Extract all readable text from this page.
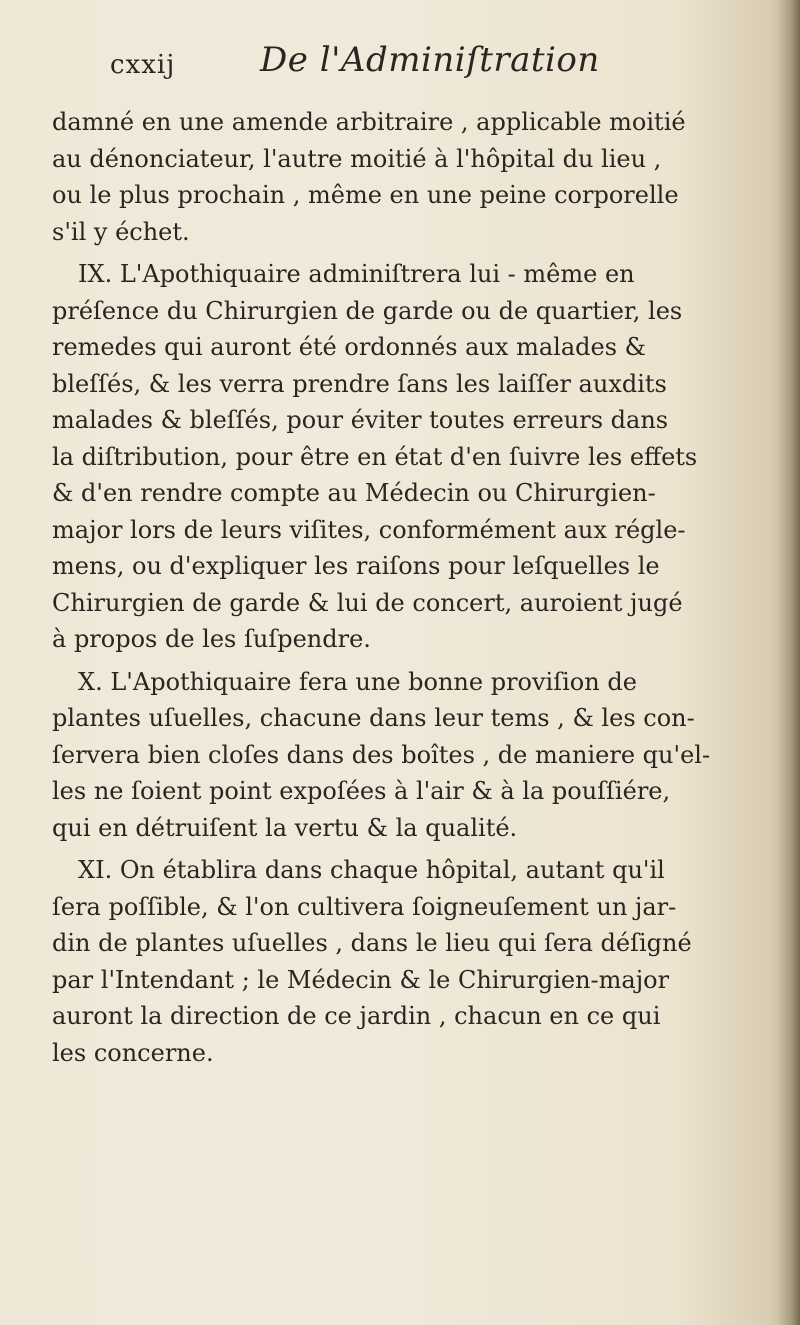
cxxij De l'Adminiſtration

damné en une amende arbitraire , applicable moitié
au dénonciateur, l'autre moitié à l'hôpital du lieu ,
ou le plus prochain , même en une peine corporelle
s'il y échet.

IX. L'Apothiquaire adminiſtrera lui - même en
préſence du Chirurgien de garde ou de quartier, les
remedes qui auront été ordonnés aux malades &
bleſſés, & les verra prendre ſans les laiſſer auxdits
malades & bleſſés, pour éviter toutes erreurs dans
la diſtribution, pour être en état d'en ſuivre les effets
& d'en rendre compte au Médecin ou Chirurgien-
major lors de leurs viſites, conformément aux régle-
mens, ou d'expliquer les raiſons pour leſquelles le
Chirurgien de garde & lui de concert, auroient jugé
à propos de les ſuſpendre.

X. L'Apothiquaire fera une bonne proviſion de
plantes uſuelles, chacune dans leur tems , & les con-
ſervera bien cloſes dans des boîtes , de maniere qu'el-
les ne ſoient point expoſées à l'air & à la pouſſiére,
qui en détruiſent la vertu & la qualité.

XI. On établira dans chaque hôpital, autant qu'il
ſera poſſible, & l'on cultivera ſoigneuſement un jar-
din de plantes uſuelles , dans le lieu qui ſera déſigné
par l'Intendant ; le Médecin & le Chirurgien-major
auront la direction de ce jardin , chacun en ce qui
les concerne.
